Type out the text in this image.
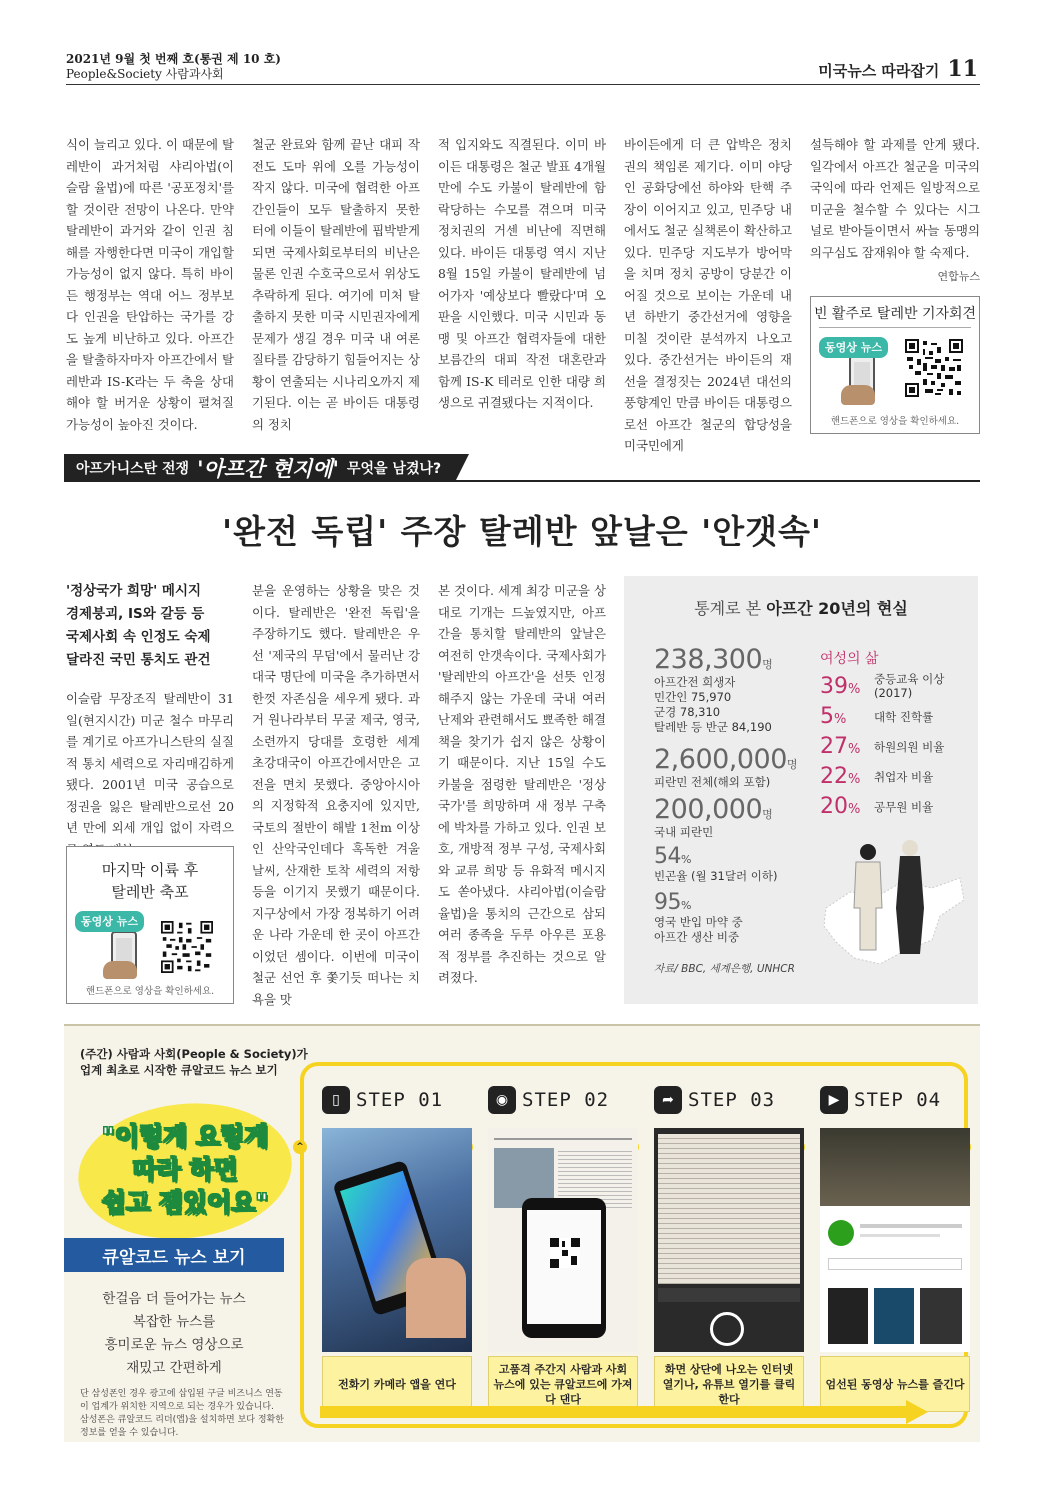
2021년 9월 첫 번째 호(통권 제 10 호)
People&Society 사람과사회	미국뉴스 따라잡기 11
식이 늘리고 있다. 이 때문에 탈레반이 과거처럼 샤리아법(이슬람 율법)에 따른 '공포정치'를 할 것이란 전망이 나온다. 만약 탈레반이 과거와 같이 인권 침해를 자행한다면 미국이 개입할 가능성이 없지 않다. 특히 바이든 행정부는 역대 어느 정부보다 인권을 탄압하는 국가를 강도 높게 비난하고 있다. 아프간을 탈출하자마자 아프간에서 탈레반과 IS-K라는 두 축을 상대해야 할 버거운 상황이 펼쳐질 가능성이 높아진 것이다.
철군 완료와 함께 끝난 대피 작전도 도마 위에 오를 가능성이 작지 않다. 미국에 협력한 아프간인들이 모두 탈출하지 못한 터에 이들이 탈레반에 핍박받게 되면 국제사회로부터의 비난은 물론 인권 수호국으로서 위상도 추락하게 된다. 여기에 미처 탈출하지 못한 미국 시민권자에게 문제가 생길 경우 미국 내 여론 질타를 감당하기 힘들어지는 상황이 연출되는 시나리오까지 제기된다. 이는 곧 바이든 대통령의 정치
적 입지와도 직결된다. 이미 바이든 대통령은 철군 발표 4개월 만에 수도 카불이 탈레반에 함락당하는 수모를 겪으며 미국 정치권의 거센 비난에 직면해 있다. 바이든 대통령 역시 지난 8월 15일 카불이 탈레반에 넘어가자 '예상보다 빨랐다'며 오판을 시인했다. 미국 시민과 동맹 및 아프간 협력자들에 대한 보름간의 대피 작전 대혼란과 함께 IS-K 테러로 인한 대량 희생으로 귀결됐다는 지적이다.
바이든에게 더 큰 압박은 정치권의 책임론 제기다. 이미 야당인 공화당에선 하야와 탄핵 주장이 이어지고 있고, 민주당 내에서도 철군 실책론이 확산하고 있다. 민주당 지도부가 방어막을 치며 정치 공방이 당분간 이어질 것으로 보이는 가운데 내년 하반기 중간선거에 영향을 미칠 것이란 분석까지 나오고 있다. 중간선거는 바이든의 재선을 결정짓는 2024년 대선의 풍향계인 만큼 바이든 대통령으로선 아프간 철군의 합당성을 미국민에게
설득해야 할 과제를 안게 됐다. 일각에서 아프간 철군을 미국의 국익에 따라 언제든 일방적으로 미군을 철수할 수 있다는 시그널로 받아들이면서 싸늘 동맹의 의구심도 잠재워야 할 숙제다.
연합뉴스
빈 활주로 탈레반 기자회견
동영상 뉴스
핸드폰으로 영상을 확인하세요.
아프가니스탄 전쟁 '아프간 현지에' 무엇을 남겼나?
'완전 독립' 주장 탈레반 앞날은 '안갯속'
'정상국가 희망' 메시지
경제붕괴, IS와 갈등 등
국제사회 속 인정도 숙제
달라진 국민 통치도 관건
이슬람 무장조직 탈레반이 31일(현지시간) 미군 철수 마무리를 계기로 아프가니스탄의 실질적 통치 세력으로 자리매김하게 됐다. 2001년 미국 공습으로 정권을 잃은 탈레반으로선 20년 만에 외세 개입 없이 자력으
분을 운영하는 상황을 맞은 것이다. 탈레반은 '완전 독립'을 주장하기도 했다. 탈레반은 우선 '제국의 무덤'에서 물러난 강대국 명단에 미국을 추가하면서 한껏 자존심을 세우게 됐다. 과거 원나라부터 무굴 제국, 영국, 소련까지 당대를 호령한 세계 초강대국이 아프간에서만은 고전을 면치 못했다. 중앙아시아의 지정학적 요충지에 있지만, 국토의 절반이 해발 1천m 이상인 산악국인데다 혹독한 겨울 날씨, 산재한 토착 세력의 저항 등을 이기지 못했기 때문이다. 지구상에서 가장 정복하기 어려운 나라 가운데 한 곳이 아프간이었던 셈이다. 이번에 미국이 철군 선언 후 쫓기듯 떠나는 치욕을 맛
본 것이다. 세계 최강 미군을 상대로 기개는 드높였지만, 아프간을 통치할 탈레반의 앞날은 여전히 안갯속이다. 국제사회가 '탈레반의 아프간'을 선뜻 인정해주지 않는 가운데 국내 여러 난제와 관련해서도 뾰족한 해결책을 찾기가 쉽지 않은 상황이기 때문이다. 지난 15일 수도 카불을 점령한 탈레반은 '정상 국가'를 희망하며 새 정부 구축에 박차를 가하고 있다. 인권 보호, 개방적 정부 구성, 국제사회와 교류 희망 등 유화적 메시지도 쏟아냈다. 샤리아법(이슬람 율법)을 통치의 근간으로 삼되 여러 종족을 두루 아우른 포용적 정부를 추진하는 것으로 알려졌다.
마지막 이륙 후
탈레반 축포
동영상 뉴스
핸드폰으로 영상을 확인하세요.
통계로 본 아프간 20년의 현실
238,300명
아프간전 희생자
민간인 75,970
군경 78,310
탈레반 등 반군 84,190
2,600,000명
피란민 전체(해외 포함)
200,000명
국내 피란민
54%
빈곤율 (월 31달러 이하)
95%
영국 반입 마약 중
아프간 생산 비중
여성의 삶
39%
중등교육 이상 (2017)
5%	대학 진학률
27%	하원의원 비율
22%	취업자 비율
20%	공무원 비율
자료/ BBC, 세계은행, UNHCR
(주간) 사람과 사회(People & Society)가
업계 최초로 시작한 큐알코드 뉴스 보기
"이렇게 요렇게
따라 하면
쉽고 잼있어요"
큐알코드 뉴스 보기
한걸음 더 들어가는 뉴스
복잡한 뉴스를
흥미로운 뉴스 영상으로
재밌고 간편하게
단 삼성폰인 경우 광고에 삽입된 구글 비즈니스 연동이 업계가 위치한 지역으로 되는 경우가 있습니다. 삼성폰은 큐알코드 리더(앱)을 설치하면 보다 정확한 정보를 얻을 수 있습니다.
^
▯ STEP 01
전화기 카메라 앱을 연다
◉ STEP 02
고품격 주간지 사람과 사회 뉴스에 있는 큐알코드에 가져다 댄다
➦ STEP 03
화면 상단에 나오는 인터넷 열기나, 유튜브 열기를 클릭한다
▶ STEP 04
엄선된 동영상 뉴스를 즐긴다
